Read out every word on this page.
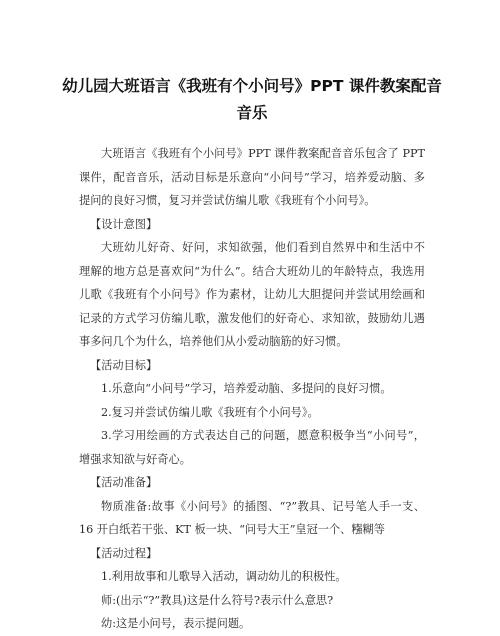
幼儿园大班语言《我班有个小问号》PPT 课件教案配音音乐

大班语言《我班有个小问号》PPT 课件教案配音音乐包含了 PPT 课件，配音音乐，活动目标是乐意向“小问号”学习，培养爱动脑、多提问的良好习惯，复习并尝试仿编儿歌《我班有个小问号》。

【设计意图】

大班幼儿好奇、好问，求知欲强，他们看到自然界中和生活中不理解的地方总是喜欢问“为什么”。结合大班幼儿的年龄特点，我选用儿歌《我班有个小问号》作为素材，让幼儿大胆提问并尝试用绘画和记录的方式学习仿编儿歌，激发他们的好奇心、求知欲，鼓励幼儿遇事多问几个为什么，培养他们从小爱动脑筋的好习惯。

【活动目标】

1.乐意向“小问号”学习，培养爱动脑、多提问的良好习惯。

2.复习并尝试仿编儿歌《我班有个小问号》。

3.学习用绘画的方式表达自己的问题，愿意积极争当“小问号”，增强求知欲与好奇心。

【活动准备】

物质准备:故事《小问号》的插图、“?”教具、记号笔人手一支、16 开白纸若干张、KT 板一块、“问号大王”皇冠一个、糨糊等

【活动过程】

1.利用故事和儿歌导入活动，调动幼儿的积极性。

师:(出示“?”教具)这是什么符号?表示什么意思?

幼:这是小问号，表示提问题。
